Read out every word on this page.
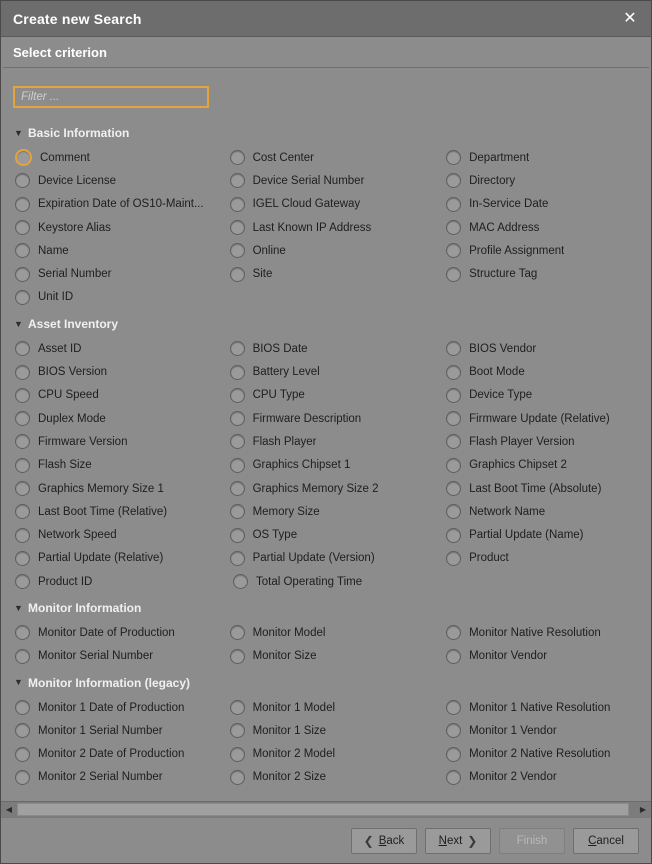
Create new Search	✕
Select criterion
Filter ...
▼ Basic Information
Comment	Cost Center	Department
Device License	Device Serial Number	Directory
Expiration Date of OS10-Maint...	IGEL Cloud Gateway	In-Service Date
Keystore Alias	Last Known IP Address	MAC Address
Name	Online	Profile Assignment
Serial Number	Site	Structure Tag
Unit ID
▼ Asset Inventory
Asset ID	BIOS Date	BIOS Vendor
BIOS Version	Battery Level	Boot Mode
CPU Speed	CPU Type	Device Type
Duplex Mode	Firmware Description	Firmware Update (Relative)
Firmware Version	Flash Player	Flash Player Version
Flash Size	Graphics Chipset 1	Graphics Chipset 2
Graphics Memory Size 1	Graphics Memory Size 2	Last Boot Time (Absolute)
Last Boot Time (Relative)	Memory Size	Network Name
Network Speed	OS Type	Partial Update (Name)
Partial Update (Relative)	Partial Update (Version)	Product
Product ID	Total Operating Time
▼ Monitor Information
Monitor Date of Production	Monitor Model	Monitor Native Resolution
Monitor Serial Number	Monitor Size	Monitor Vendor
▼ Monitor Information (legacy)
Monitor 1 Date of Production	Monitor 1 Model	Monitor 1 Native Resolution
Monitor 1 Serial Number	Monitor 1 Size	Monitor 1 Vendor
Monitor 2 Date of Production	Monitor 2 Model	Monitor 2 Native Resolution
Monitor 2 Serial Number	Monitor 2 Size	Monitor 2 Vendor
◀	▶
❮ Back	Next ❯	Finish	Cancel
